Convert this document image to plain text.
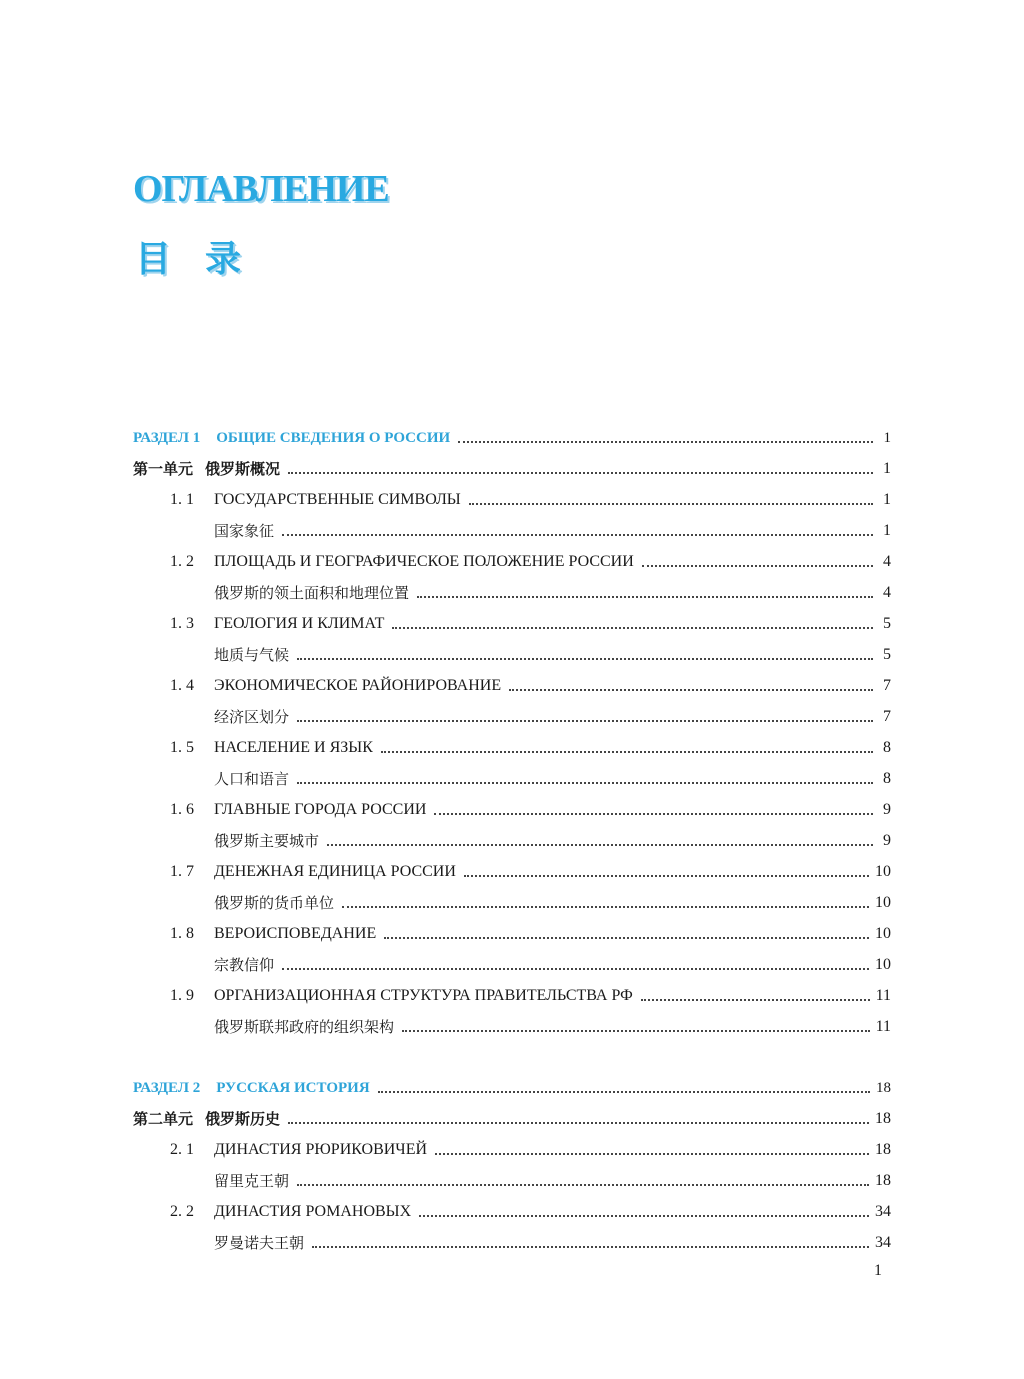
ОГЛАВЛЕНИЕ
目录
РАЗДЕЛ 1	ОБЩИЕ СВЕДЕНИЯ О РОССИИ	1
第一单元 俄罗斯概况	1
1. 1	ГОСУДАРСТВЕННЫЕ СИМВОЛЫ	1
国家象征	1
1. 2	ПЛОЩАДЬ И ГЕОГРАФИЧЕСКОЕ ПОЛОЖЕНИЕ РОССИИ	4
俄罗斯的领土面积和地理位置	4
1. 3	ГЕОЛОГИЯ И КЛИМАТ	5
地质与气候	5
1. 4	ЭКОНОМИЧЕСКОЕ РАЙОНИРОВАНИЕ	7
经济区划分	7
1. 5	НАСЕЛЕНИЕ И ЯЗЫК	8
人口和语言	8
1. 6	ГЛАВНЫЕ ГОРОДА РОССИИ	9
俄罗斯主要城市	9
1. 7	ДЕНЕЖНАЯ ЕДИНИЦА РОССИИ	10
俄罗斯的货币单位	10
1. 8	ВЕРОИСПОВЕДАНИЕ	10
宗教信仰	10
1. 9	ОРГАНИЗАЦИОННАЯ СТРУКТУРА ПРАВИТЕЛЬСТВА РФ	11
俄罗斯联邦政府的组织架构	11
РАЗДЕЛ 2	РУССКАЯ ИСТОРИЯ	18
第二单元 俄罗斯历史	18
2. 1	ДИНАСТИЯ РЮРИКОВИЧЕЙ	18
留里克王朝	18
2. 2	ДИНАСТИЯ РОМАНОВЫХ	34
罗曼诺夫王朝	34
1
